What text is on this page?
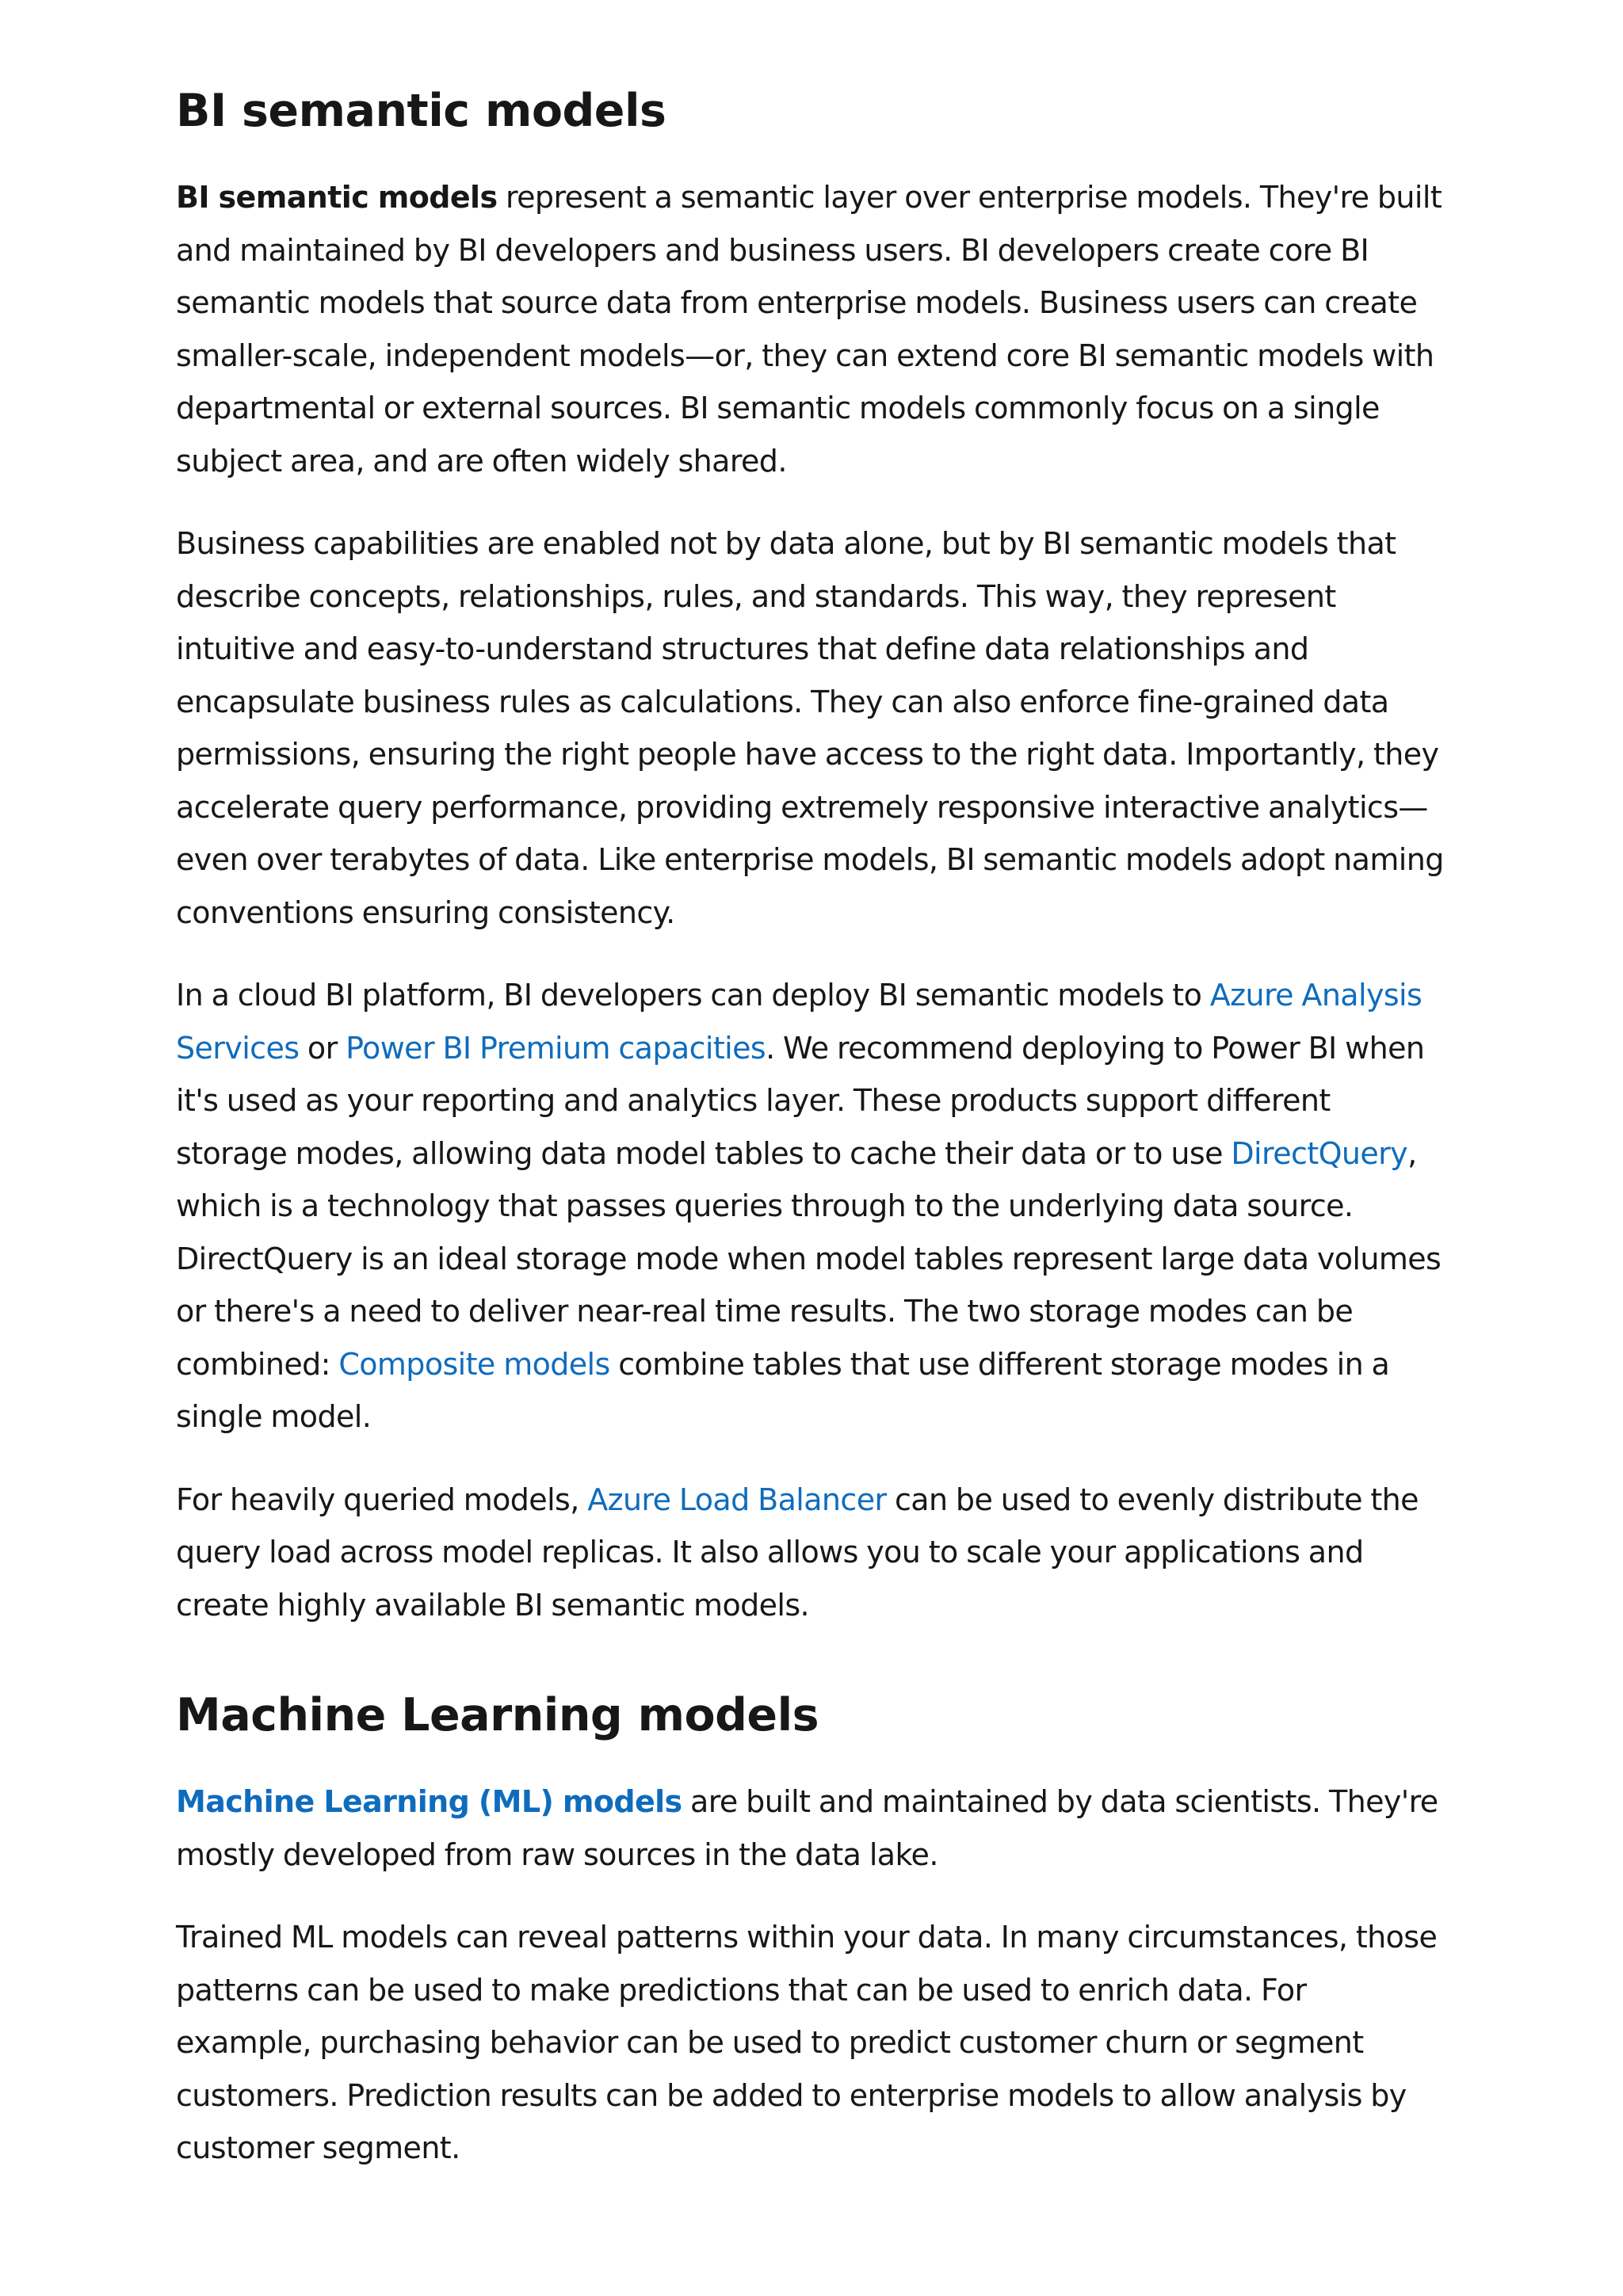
BI semantic models

BI semantic models represent a semantic layer over enterprise models. They're built and maintained by BI developers and business users. BI developers create core BI semantic models that source data from enterprise models. Business users can create smaller-scale, independent models—or, they can extend core BI semantic models with departmental or external sources. BI semantic models commonly focus on a single subject area, and are often widely shared.

Business capabilities are enabled not by data alone, but by BI semantic models that describe concepts, relationships, rules, and standards. This way, they represent intuitive and easy-to-understand structures that define data relationships and encapsulate business rules as calculations. They can also enforce fine-grained data permissions, ensuring the right people have access to the right data. Importantly, they accelerate query performance, providing extremely responsive interactive analytics—even over terabytes of data. Like enterprise models, BI semantic models adopt naming conventions ensuring consistency.

In a cloud BI platform, BI developers can deploy BI semantic models to Azure Analysis Services or Power BI Premium capacities. We recommend deploying to Power BI when it's used as your reporting and analytics layer. These products support different storage modes, allowing data model tables to cache their data or to use DirectQuery, which is a technology that passes queries through to the underlying data source. DirectQuery is an ideal storage mode when model tables represent large data volumes or there's a need to deliver near-real time results. The two storage modes can be combined: Composite models combine tables that use different storage modes in a single model.

For heavily queried models, Azure Load Balancer can be used to evenly distribute the query load across model replicas. It also allows you to scale your applications and create highly available BI semantic models.

Machine Learning models

Machine Learning (ML) models are built and maintained by data scientists. They're mostly developed from raw sources in the data lake.

Trained ML models can reveal patterns within your data. In many circumstances, those patterns can be used to make predictions that can be used to enrich data. For example, purchasing behavior can be used to predict customer churn or segment customers. Prediction results can be added to enterprise models to allow analysis by customer segment.
